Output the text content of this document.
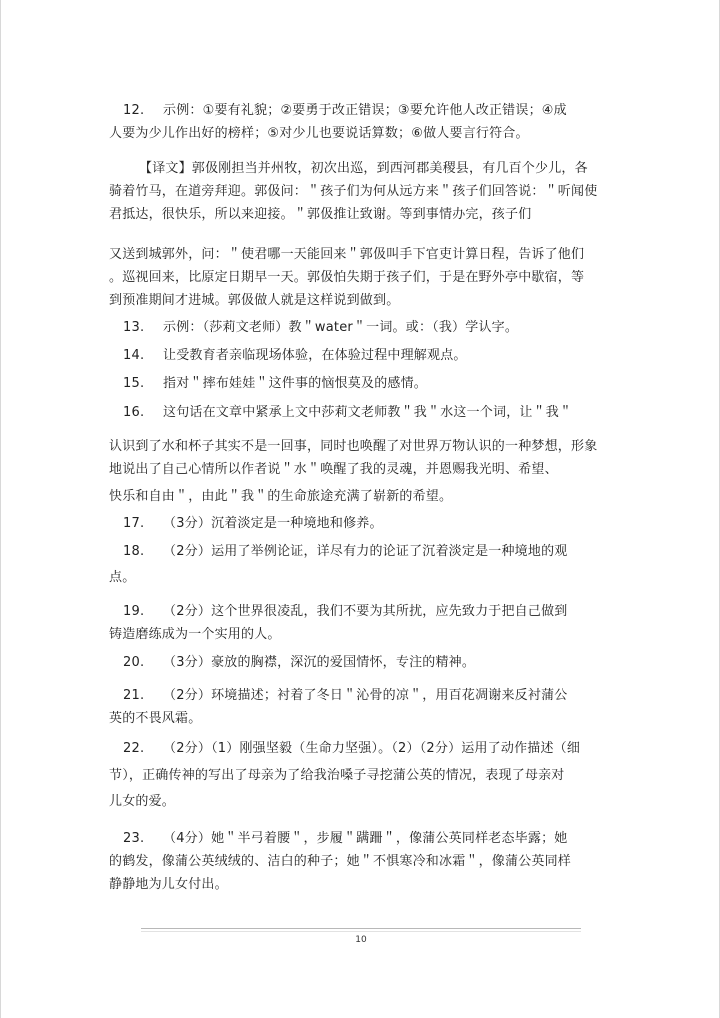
12. 示例：①要有礼貌；②要勇于改正错误；③要允许他人改正错误；④成
人要为少儿作出好的榜样；⑤对少儿也要说话算数；⑥做人要言行符合。
【译文】郭伋刚担当并州牧，初次出巡，到西河郡美稷县，有几百个少儿，各
骑着竹马，在道旁拜迎。郭伋问：＂孩子们为何从远方来＂孩子们回答说：＂听闻使
君抵达，很快乐，所以来迎接。＂郭伋推让致谢。等到事情办完，孩子们
又送到城郭外，问：＂使君哪一天能回来＂郭伋叫手下官吏计算日程，告诉了他们
。巡视回来，比原定日期早一天。郭伋怕失期于孩子们，于是在野外亭中歇宿，等
到预准期间才进城。郭伋做人就是这样说到做到。
13. 示例：（莎莉文老师）教＂water＂一词。或：（我）学认字。
14. 让受教育者亲临现场体验，在体验过程中理解观点。
15. 指对＂摔布娃娃＂这件事的恼恨莫及的感情。
16. 这句话在文章中紧承上文中莎莉文老师教＂我＂水这一个词，让＂我＂
认识到了水和杯子其实不是一回事，同时也唤醒了对世界万物认识的一种梦想，形象
地说出了自己心情所以作者说＂水＂唤醒了我的灵魂，并恩赐我光明、希望、
快乐和自由＂，由此＂我＂的生命旅途充满了崭新的希望。
17. （3分）沉着淡定是一种境地和修养。
18. （2分）运用了举例论证，详尽有力的论证了沉着淡定是一种境地的观
点。
19. （2分）这个世界很凌乱，我们不要为其所扰，应先致力于把自己做到
铸造磨练成为一个实用的人。
20. （3分）豪放的胸襟，深沉的爱国情怀，专注的精神。
21. （2分）环境描述；衬着了冬日＂沁骨的凉＂，用百花凋谢来反衬蒲公
英的不畏风霜。
22. （2分）（1）刚强坚毅（生命力坚强）。（2）（2分）运用了动作描述（细
节），正确传神的写出了母亲为了给我治嗓子寻挖蒲公英的情况，表现了母亲对
儿女的爱。
23. （4分）她＂半弓着腰＂，步履＂蹒跚＂，像蒲公英同样老态毕露；她
的鹤发，像蒲公英绒绒的、洁白的种子；她＂不惧寒冷和冰霜＂，像蒲公英同样
静静地为儿女付出。
10
